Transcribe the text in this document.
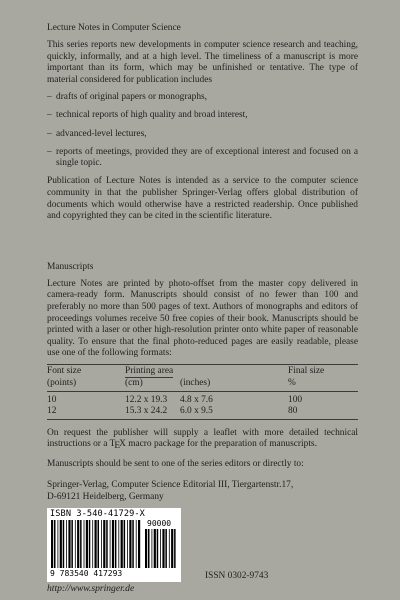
Lecture Notes in Computer Science

This series reports new developments in computer science research and teaching, quickly, informally, and at a high level. The timeliness of a manuscript is more important than its form, which may be unfinished or tentative. The type of material considered for publication includes

– drafts of original papers or monographs,
– technical reports of high quality and broad interest,
– advanced-level lectures,
– reports of meetings, provided they are of exceptional interest and focused on a single topic.

Publication of Lecture Notes is intended as a service to the computer science community in that the publisher Springer-Verlag offers global distribution of documents which would otherwise have a restricted readership. Once published and copyrighted they can be cited in the scientific literature.

Manuscripts

Lecture Notes are printed by photo-offset from the master copy delivered in camera-ready form. Manuscripts should consist of no fewer than 100 and preferably no more than 500 pages of text. Authors of monographs and editors of proceedings volumes receive 50 free copies of their book. Manuscripts should be printed with a laser or other high-resolution printer onto white paper of reasonable quality. To ensure that the final photo-reduced pages are easily readable, please use one of the following formats:

Font size	Printing area		Final size
(points)	(cm)	(inches)	%
10	12.2 x 19.3	4.8 x 7.6	100
12	15.3 x 24.2	6.0 x 9.5	80

On request the publisher will supply a leaflet with more detailed technical instructions or a TEX macro package for the preparation of manuscripts.

Manuscripts should be sent to one of the series editors or directly to:

Springer-Verlag, Computer Science Editorial III, Tiergartenstr.17,
D-69121 Heidelberg, Germany
ISBN 3-540-41729-X
90000
9 783540 417293	ISSN 0302-9743
http://www.springer.de
